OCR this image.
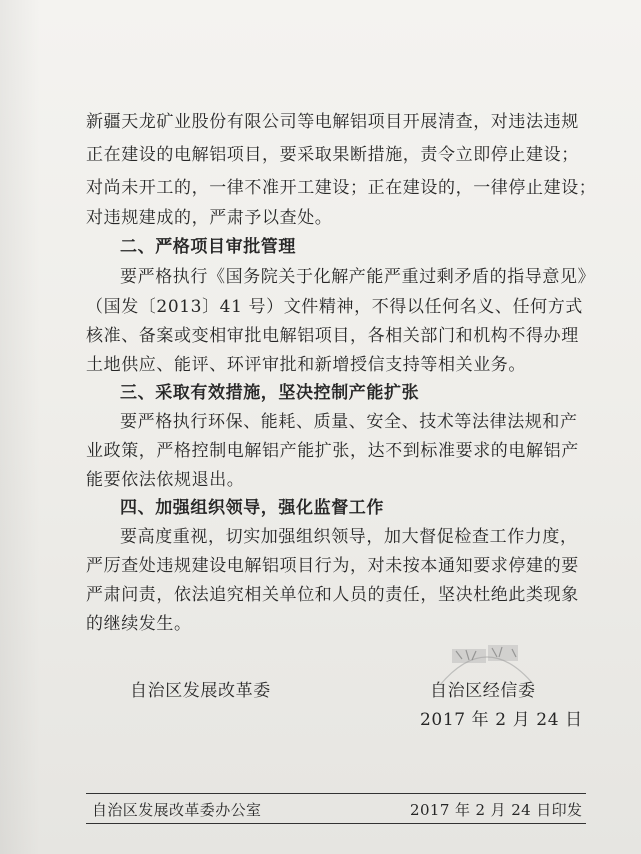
新疆天龙矿业股份有限公司等电解铝项目开展清查，对违法违规
正在建设的电解铝项目，要采取果断措施，责令立即停止建设；
对尚未开工的，一律不准开工建设；正在建设的，一律停止建设；
对违规建成的，严肃予以查处。
二、严格项目审批管理
要严格执行《国务院关于化解产能严重过剩矛盾的指导意见》
（国发〔2013〕41 号）文件精神，不得以任何名义、任何方式
核准、备案或变相审批电解铝项目，各相关部门和机构不得办理
土地供应、能评、环评审批和新增授信支持等相关业务。
三、采取有效措施，坚决控制产能扩张
要严格执行环保、能耗、质量、安全、技术等法律法规和产
业政策，严格控制电解铝产能扩张，达不到标准要求的电解铝产
能要依法依规退出。
四、加强组织领导，强化监督工作
要高度重视，切实加强组织领导，加大督促检查工作力度，
严厉查处违规建设电解铝项目行为，对未按本通知要求停建的要
严肃问责，依法追究相关单位和人员的责任，坚决杜绝此类现象
的继续发生。
自治区发展改革委	自治区经信委
2017 年 2 月 24 日
自治区发展改革委办公室	2017 年 2 月 24 日印发
